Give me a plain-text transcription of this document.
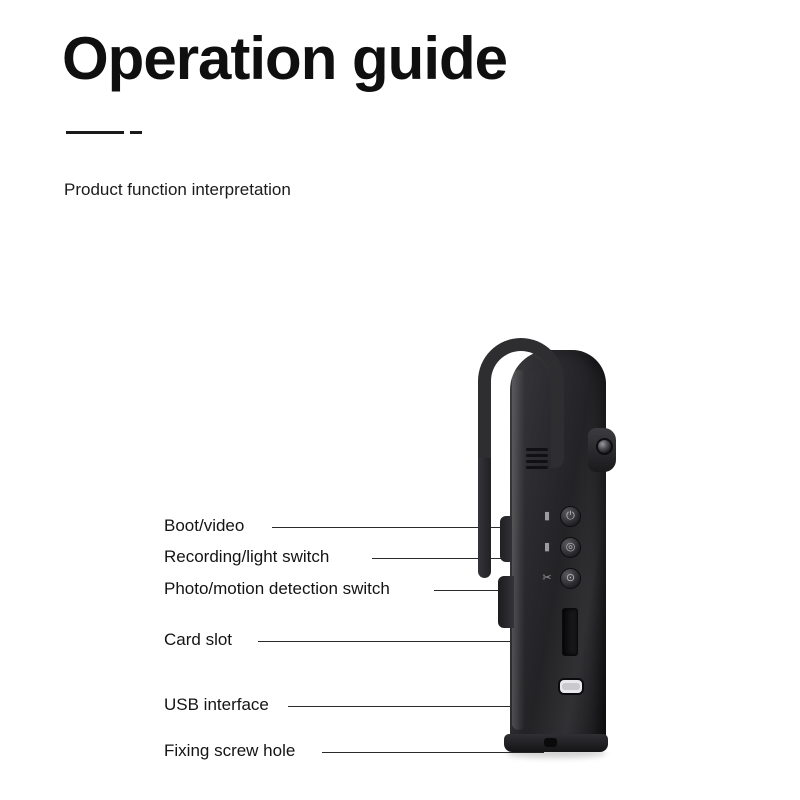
Operation guide
Product function interpretation
Boot/video
Recording/light switch
Photo/motion detection switch
Card slot
USB interface
Fixing screw hole
▮	⏻
▮	◎
✂	⊙
